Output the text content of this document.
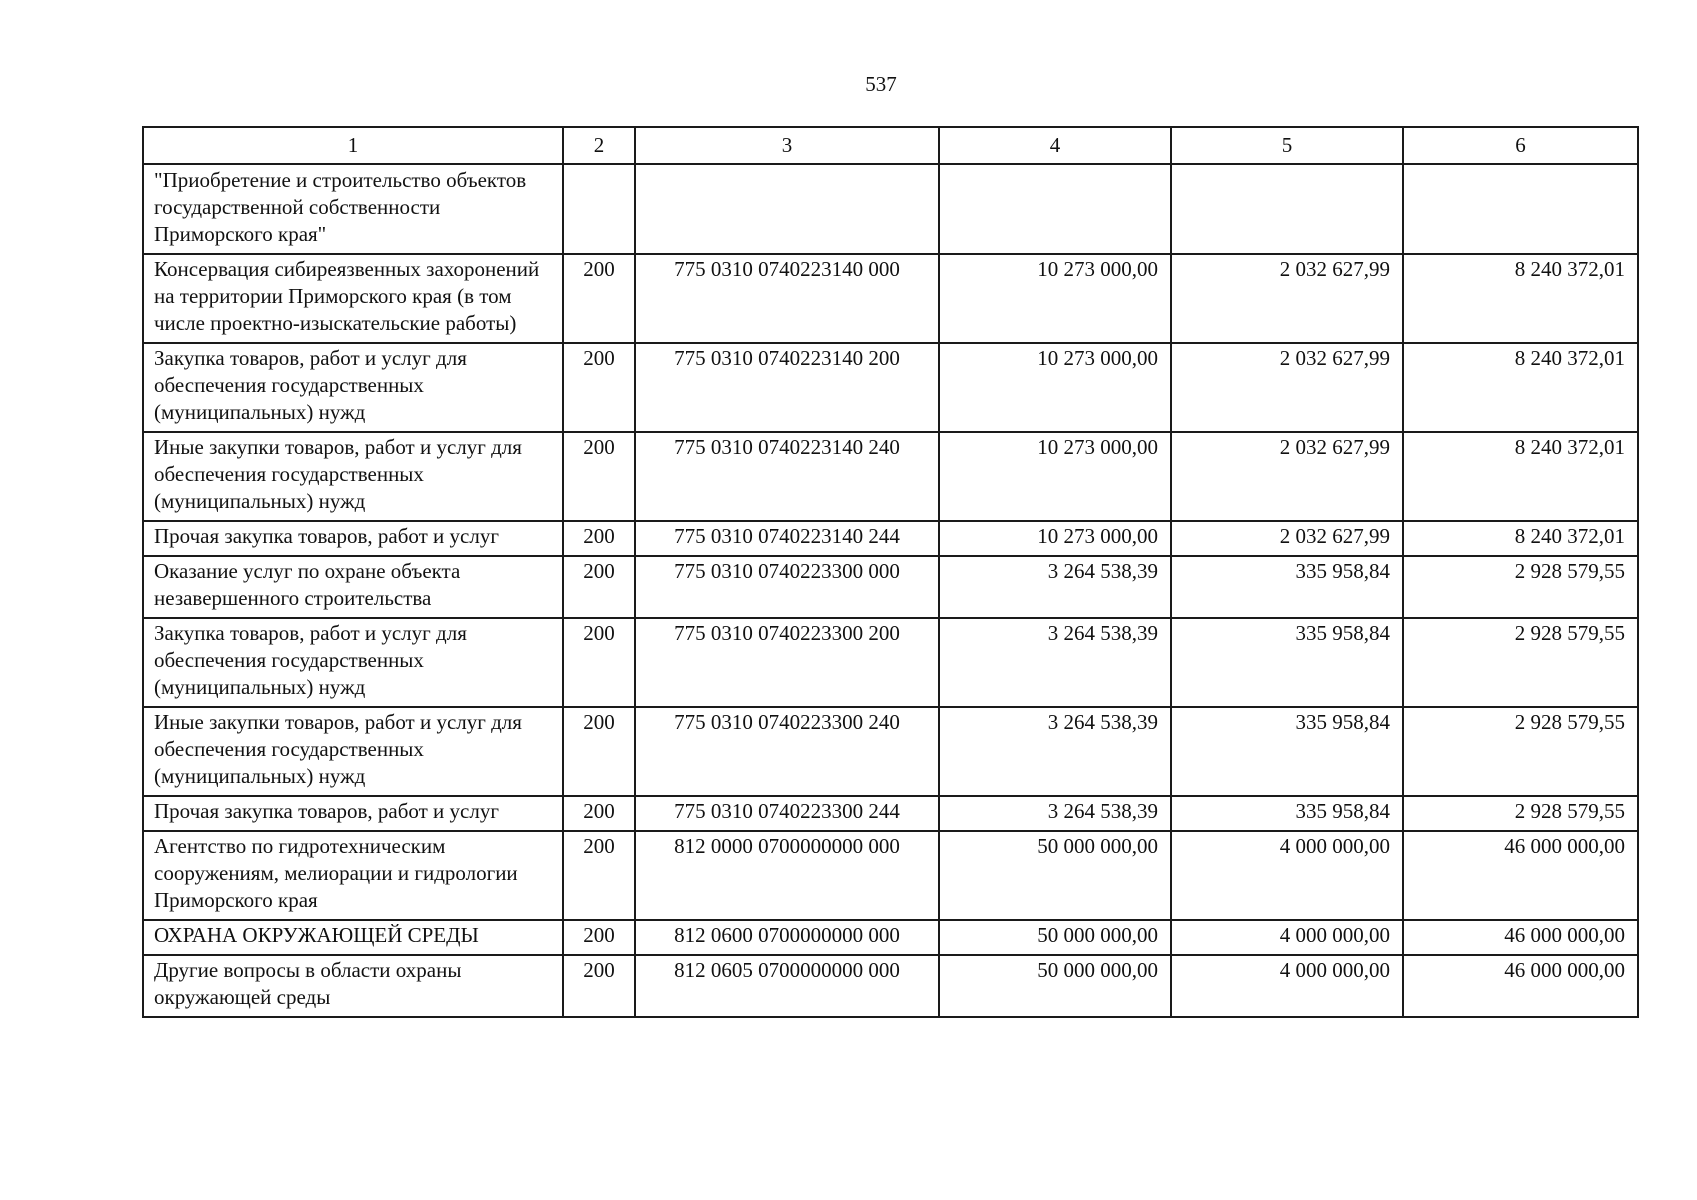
537
1	2	3	4	5	6
"Приобретение и строительство объектов государственной собственности Приморского края"					
Консервация сибиреязвенных захоронений на территории Приморского края (в том числе проектно-изыскательские работы)	200	775 0310 0740223140 000	10 273 000,00	2 032 627,99	8 240 372,01
Закупка товаров, работ и услуг для обеспечения государственных (муниципальных) нужд	200	775 0310 0740223140 200	10 273 000,00	2 032 627,99	8 240 372,01
Иные закупки товаров, работ и услуг для обеспечения государственных (муниципальных) нужд	200	775 0310 0740223140 240	10 273 000,00	2 032 627,99	8 240 372,01
Прочая закупка товаров, работ и услуг	200	775 0310 0740223140 244	10 273 000,00	2 032 627,99	8 240 372,01
Оказание услуг по охране объекта незавершенного строительства	200	775 0310 0740223300 000	3 264 538,39	335 958,84	2 928 579,55
Закупка товаров, работ и услуг для обеспечения государственных (муниципальных) нужд	200	775 0310 0740223300 200	3 264 538,39	335 958,84	2 928 579,55
Иные закупки товаров, работ и услуг для обеспечения государственных (муниципальных) нужд	200	775 0310 0740223300 240	3 264 538,39	335 958,84	2 928 579,55
Прочая закупка товаров, работ и услуг	200	775 0310 0740223300 244	3 264 538,39	335 958,84	2 928 579,55
Агентство по гидротехническим сооружениям, мелиорации и гидрологии Приморского края	200	812 0000 0700000000 000	50 000 000,00	4 000 000,00	46 000 000,00
ОХРАНА ОКРУЖАЮЩЕЙ СРЕДЫ	200	812 0600 0700000000 000	50 000 000,00	4 000 000,00	46 000 000,00
Другие вопросы в области охраны окружающей среды	200	812 0605 0700000000 000	50 000 000,00	4 000 000,00	46 000 000,00
